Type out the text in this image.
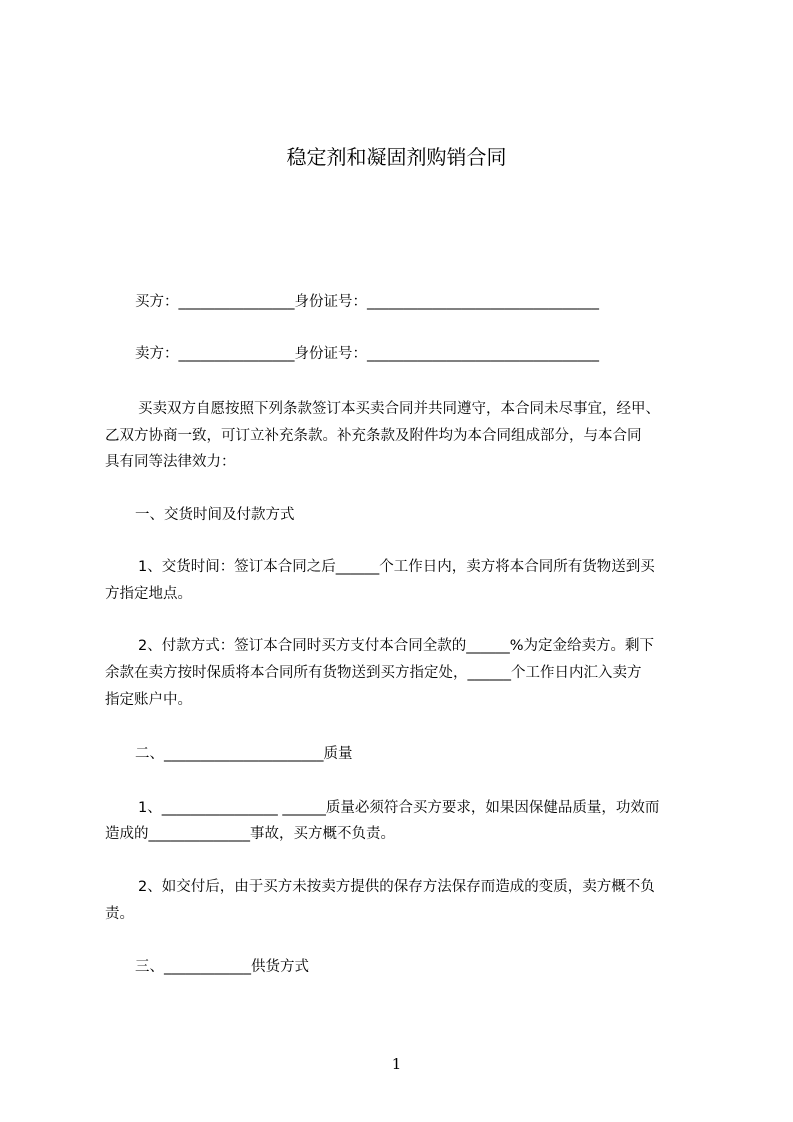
稳定剂和凝固剂购销合同
买方：________________身份证号：________________________________
卖方：________________身份证号：________________________________
买卖双方自愿按照下列条款签订本买卖合同并共同遵守，本合同未尽事宜，经甲、
乙双方协商一致，可订立补充条款。补充条款及附件均为本合同组成部分，与本合同
具有同等法律效力：
一、交货时间及付款方式
1、交货时间：签订本合同之后______个工作日内，卖方将本合同所有货物送到买
方指定地点。
2、付款方式：签订本合同时买方支付本合同全款的______%为定金给卖方。剩下
余款在卖方按时保质将本合同所有货物送到买方指定处，______个工作日内汇入卖方
指定账户中。
二、______________________质量
1、________________ ______质量必须符合买方要求，如果因保健品质量，功效而
造成的______________事故，买方概不负责。
2、如交付后，由于买方未按卖方提供的保存方法保存而造成的变质，卖方概不负
责。
三、____________供货方式
1
